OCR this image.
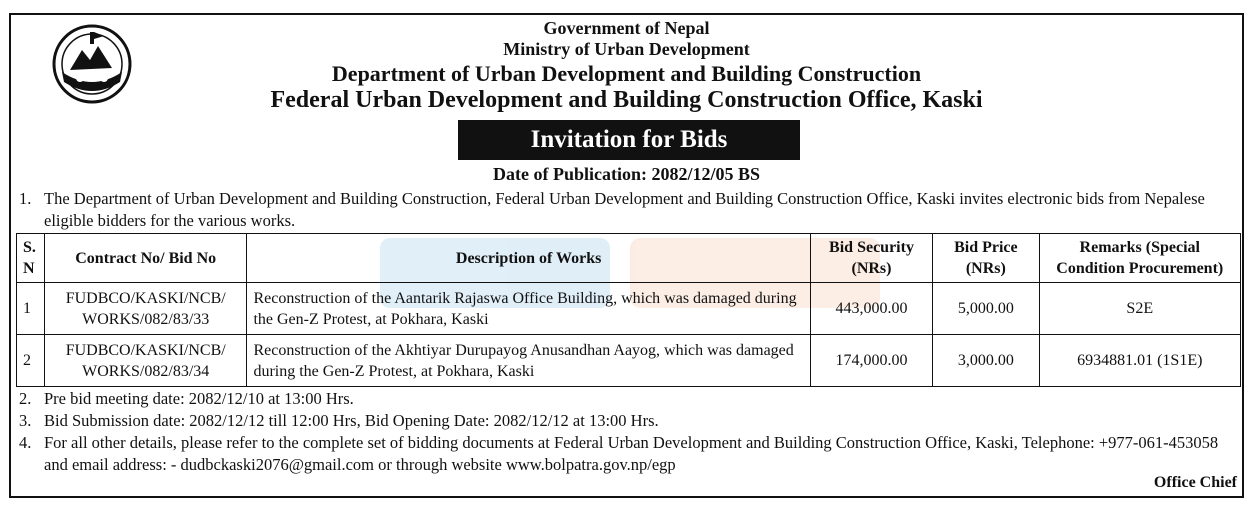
Government of Nepal
Ministry of Urban Development
Department of Urban Development and Building Construction
Federal Urban Development and Building Construction Office, Kaski
Invitation for Bids
Date of Publication: 2082/12/05 BS
1. The Department of Urban Development and Building Construction, Federal Urban Development and Building Construction Office, Kaski invites electronic bids from Nepalese eligible bidders for the various works.
S. N	Contract No/ Bid No	Description of Works	Bid Security (NRs)	Bid Price (NRs)	Remarks (Special Condition Procurement)
1	FUDBCO/KASKI/NCB/ WORKS/082/83/33	Reconstruction of the Aantarik Rajaswa Office Building, which was damaged during the Gen-Z Protest, at Pokhara, Kaski	443,000.00	5,000.00	S2E
2	FUDBCO/KASKI/NCB/ WORKS/082/83/34	Reconstruction of the Akhtiyar Durupayog Anusandhan Aayog, which was damaged during the Gen-Z Protest, at Pokhara, Kaski	174,000.00	3,000.00	6934881.01 (1S1E)
2. Pre bid meeting date: 2082/12/10 at 13:00 Hrs.
3. Bid Submission date: 2082/12/12 till 12:00 Hrs, Bid Opening Date: 2082/12/12 at 13:00 Hrs.
4. For all other details, please refer to the complete set of bidding documents at Federal Urban Development and Building Construction Office, Kaski, Telephone: +977-061-453058 and email address: - dudbckaski2076@gmail.com or through website www.bolpatra.gov.np/egp
Office Chief
